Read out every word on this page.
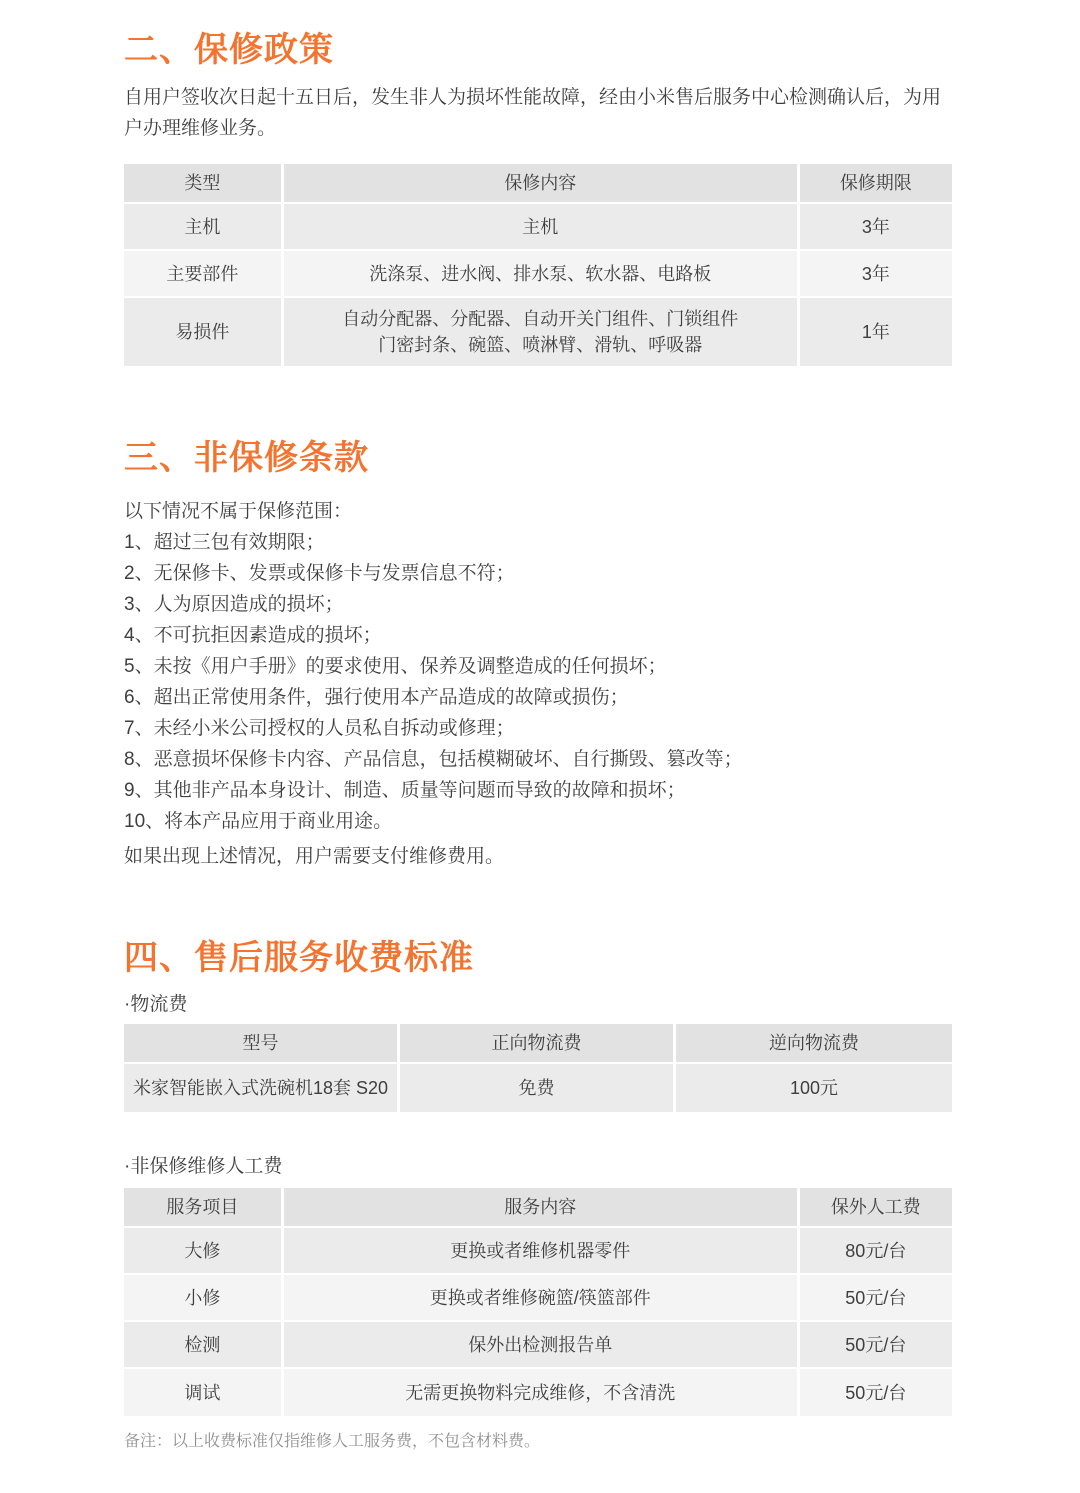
二、保修政策

自用户签收次日起十五日后，发生非人为损坏性能故障，经由小米售后服务中心检测确认后，为用户办理维修业务。

类型	保修内容	保修期限
主机	主机	3年
主要部件	洗涤泵、进水阀、排水泵、软水器、电路板	3年
易损件	自动分配器、分配器、自动开关门组件、门锁组件
门密封条、碗篮、喷淋臂、滑轨、呼吸器	1年
三、非保修条款

以下情况不属于保修范围：

1、超过三包有效期限；
2、无保修卡、发票或保修卡与发票信息不符；
3、人为原因造成的损坏；
4、不可抗拒因素造成的损坏；
5、未按《用户手册》的要求使用、保养及调整造成的任何损坏；
6、超出正常使用条件，强行使用本产品造成的故障或损伤；
7、未经小米公司授权的人员私自拆动或修理；
8、恶意损坏保修卡内容、产品信息，包括模糊破坏、自行撕毁、篡改等；
9、其他非产品本身设计、制造、质量等问题而导致的故障和损坏；
10、将本产品应用于商业用途。

如果出现上述情况，用户需要支付维修费用。

四、售后服务收费标准

·物流费

型号	正向物流费	逆向物流费
米家智能嵌入式洗碗机18套 S20	免费	100元

·非保修维修人工费

服务项目	服务内容	保外人工费
大修	更换或者维修机器零件	80元/台
小修	更换或者维修碗篮/筷篮部件	50元/台
检测	保外出检测报告单	50元/台
调试	无需更换物料完成维修，不含清洗	50元/台

备注：以上收费标准仅指维修人工服务费，不包含材料费。
